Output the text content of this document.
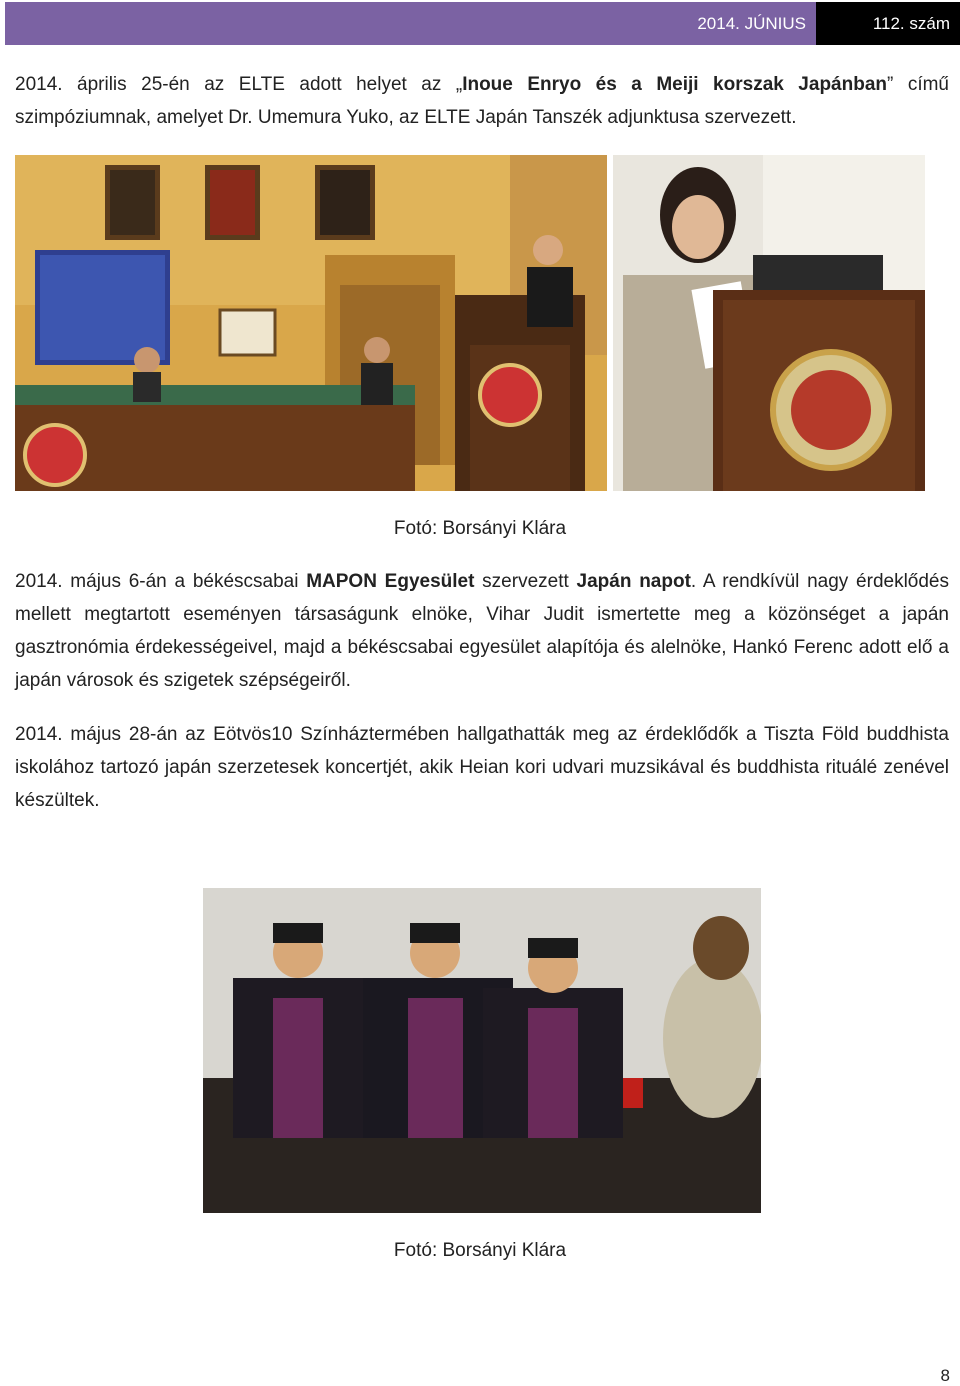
2014. JÚNIUS	112. szám

2014. április 25-én az ELTE adott helyet az „Inoue Enryo és a Meiji korszak Japánban” című szimpóziumnak, amelyet Dr. Umemura Yuko, az ELTE Japán Tanszék adjunktusa szervezett.

Fotó: Borsányi Klára

2014. május 6-án a békéscsabai MAPON Egyesület szervezett Japán napot. A rendkívül nagy érdeklődés mellett megtartott eseményen társaságunk elnöke, Vihar Judit ismertette meg a közönséget a japán gasztronómia érdekességeivel, majd a békéscsabai egyesület alapítója és alelnöke, Hankó Ferenc adott elő a japán városok és szigetek szépségeiről.

2014. május 28-án az Eötvös10 Színháztermében hallgathatták meg az érdeklődők a Tiszta Föld buddhista iskolához tartozó japán szerzetesek koncertjét, akik Heian kori udvari muzsikával és buddhista rituálé zenével készültek.

Fotó: Borsányi Klára

8
